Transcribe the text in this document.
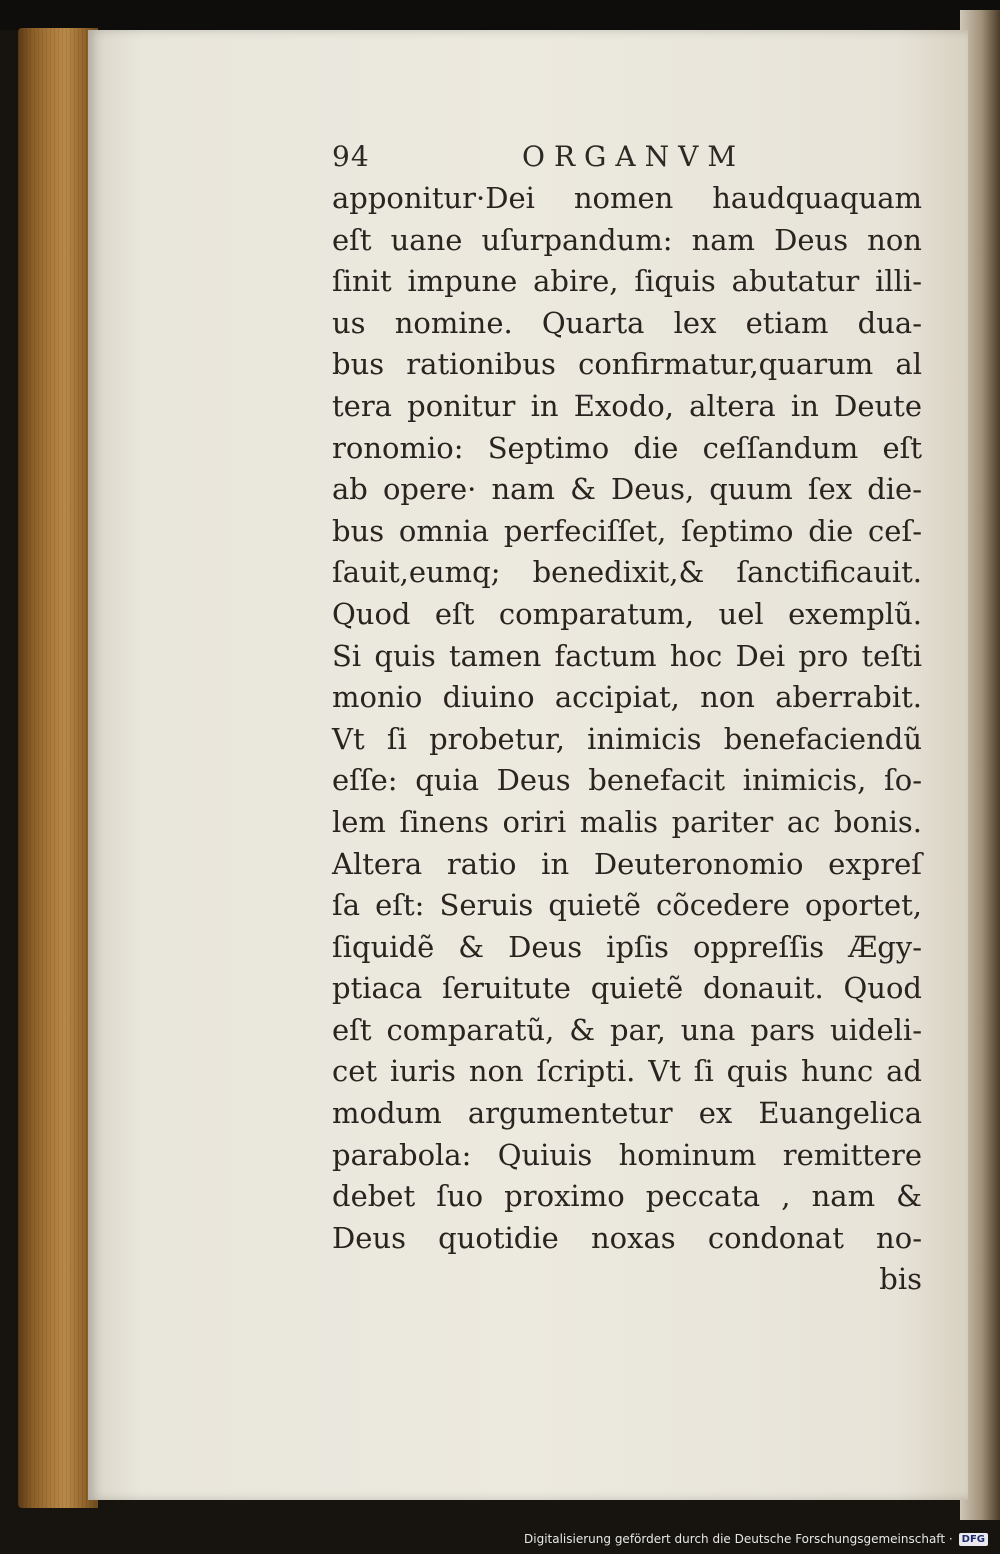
94	ORGANVM
apponitur·Dei nomen haudquaquam
eſt uane uſurpandum: nam Deus non
ſinit impune abire, ſiquis abutatur illi-
us nomine. Quarta lex etiam dua-
bus rationibus confirmatur,quarum al
tera ponitur in Exodo, altera in Deute
ronomio: Septimo die ceſſandum eſt
ab opere· nam & Deus, quum ſex die-
bus omnia perfeciſſet, ſeptimo die ceſ-
ſauit,eumq; benedixit,& ſanctificauit.
Quod eſt comparatum, uel exemplũ.
Si quis tamen factum hoc Dei pro teſti
monio diuino accipiat, non aberrabit.
Vt ſi probetur, inimicis benefaciendũ
eſſe: quia Deus benefacit inimicis, ſo-
lem ſinens oriri malis pariter ac bonis.
Altera ratio in Deuteronomio expreſ
ſa eſt: Seruis quietẽ cõcedere oportet,
ſiquidẽ & Deus ipſis oppreſſis Ægy-
ptiaca ſeruitute quietẽ donauit. Quod
eſt comparatũ, & par, una pars uideli-
cet iuris non ſcripti. Vt ſi quis hunc ad
modum argumentetur ex Euangelica
parabola: Quiuis hominum remittere
debet ſuo proximo peccata , nam &
Deus quotidie noxas condonat no-
bis
Digitalisierung gefördert durch die Deutsche Forschungsgemeinschaft · DFG
